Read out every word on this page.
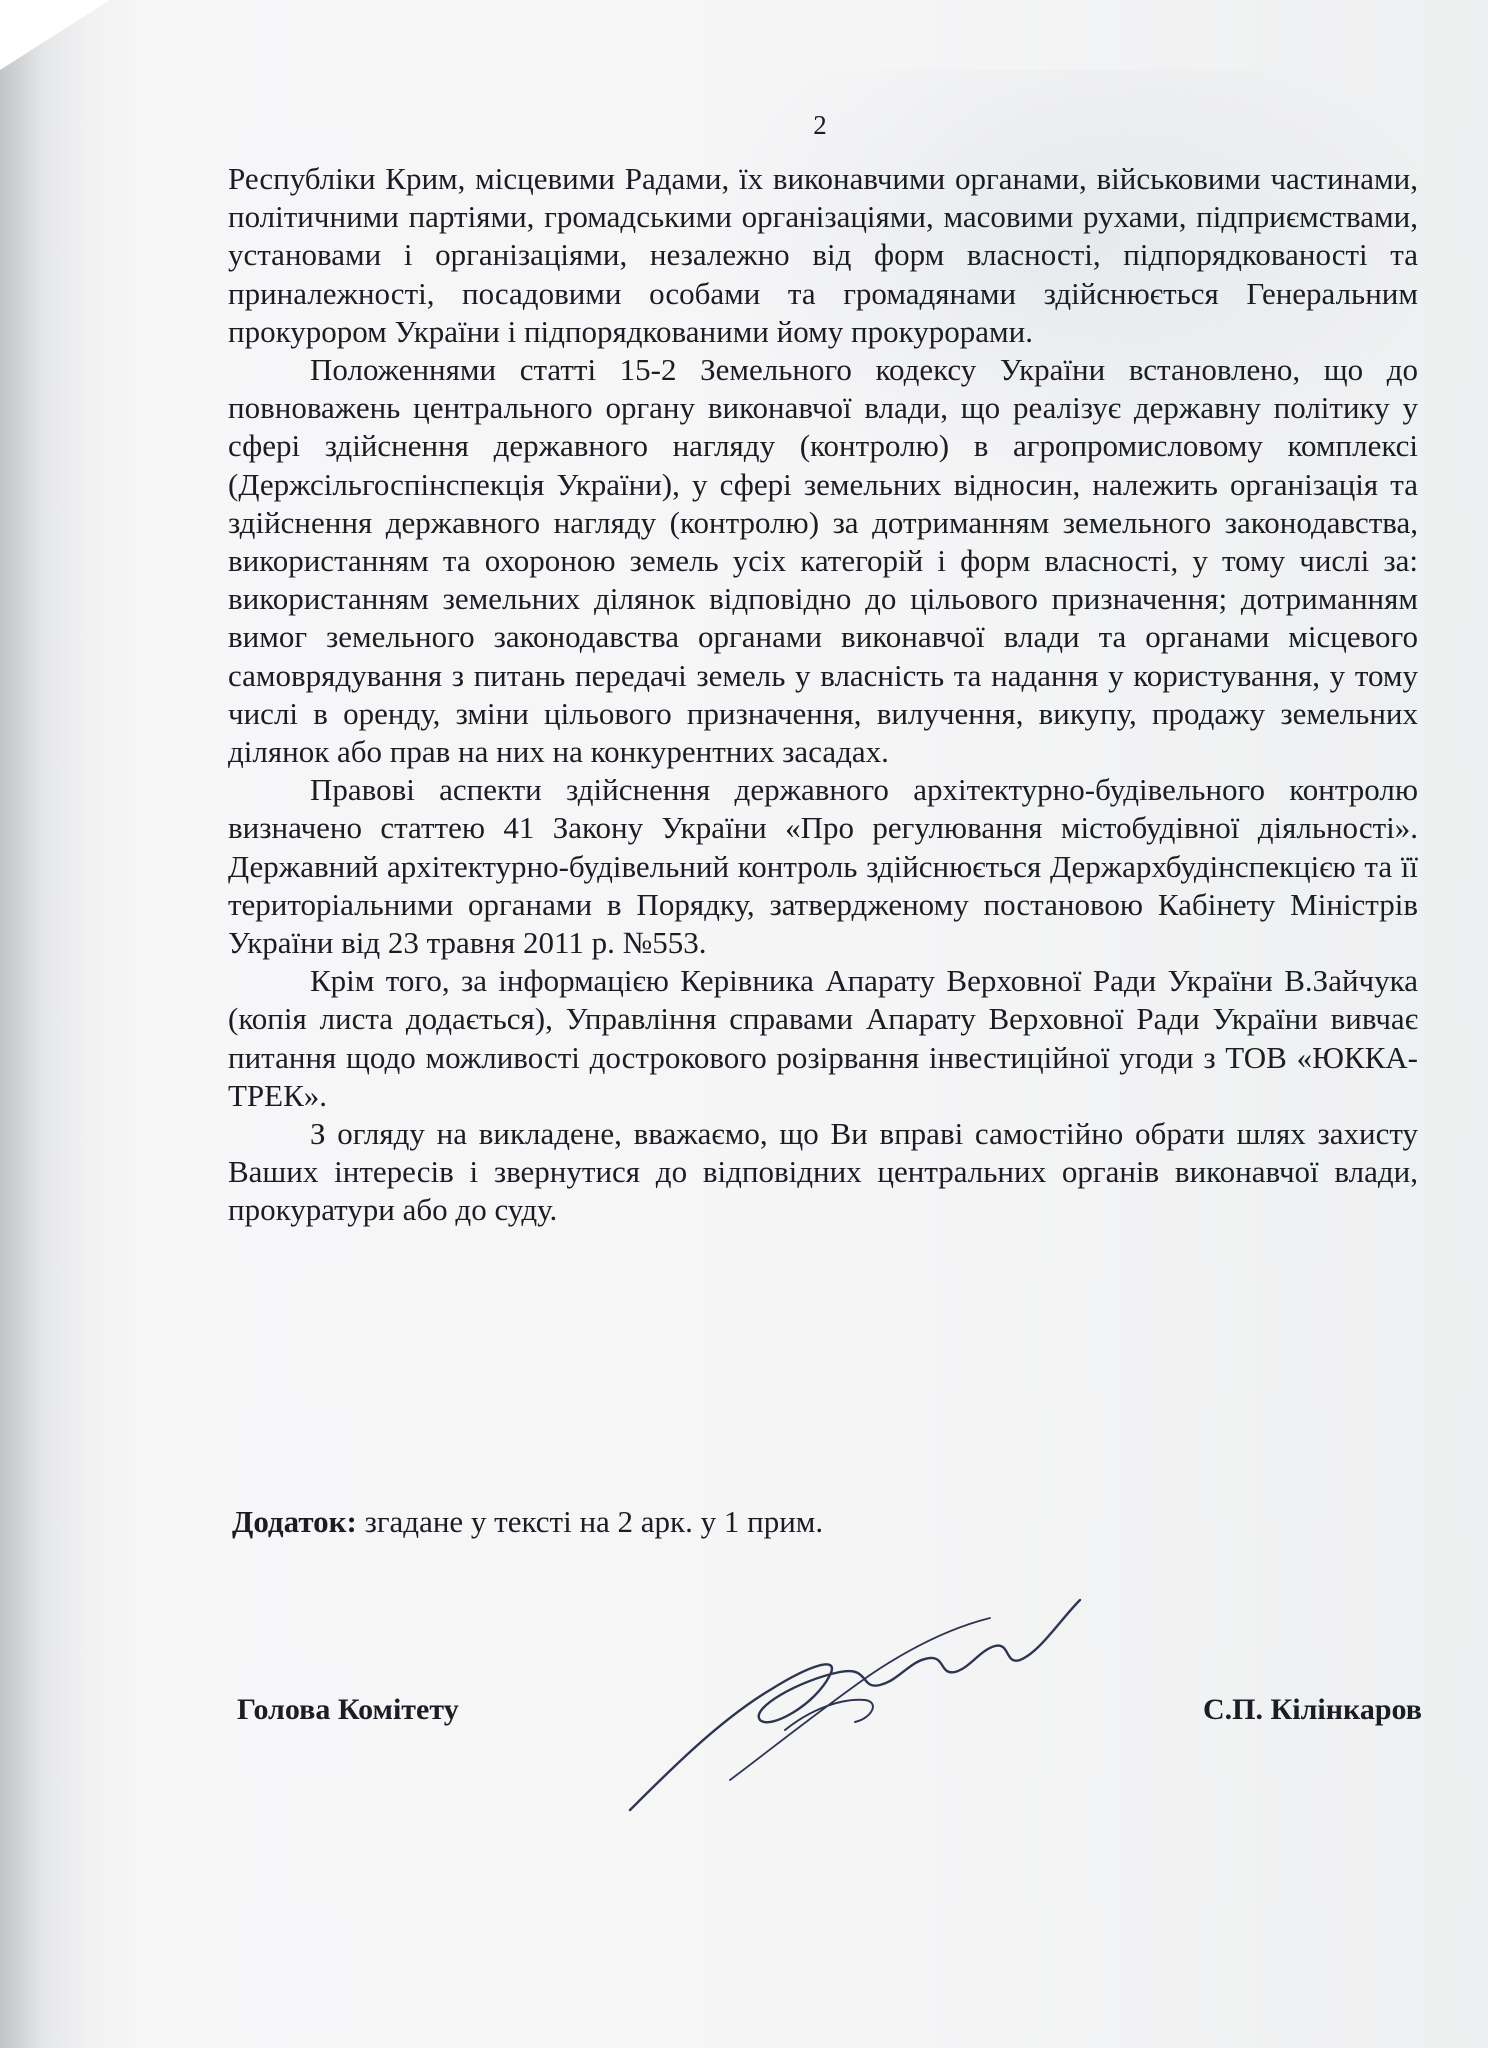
2

Республіки Крим, місцевими Радами, їх виконавчими органами, військовими частинами, політичними партіями, громадськими організаціями, масовими рухами, підприємствами, установами і організаціями, незалежно від форм власності, підпорядкованості та приналежності, посадовими особами та громадянами здійснюється Генеральним прокурором України і підпорядкованими йому прокурорами.

Положеннями статті 15-2 Земельного кодексу України встановлено, що до повноважень центрального органу виконавчої влади, що реалізує державну політику у сфері здійснення державного нагляду (контролю) в агропромисловому комплексі (Держсільгоспінспекція України), у сфері земельних відносин, належить організація та здійснення державного нагляду (контролю) за дотриманням земельного законодавства, використанням та охороною земель усіх категорій і форм власності, у тому числі за: використанням земельних ділянок відповідно до цільового призначення; дотриманням вимог земельного законодавства органами виконавчої влади та органами місцевого самоврядування з питань передачі земель у власність та надання у користування, у тому числі в оренду, зміни цільового призначення, вилучення, викупу, продажу земельних ділянок або прав на них на конкурентних засадах.

Правові аспекти здійснення державного архітектурно-будівельного контролю визначено статтею 41 Закону України «Про регулювання містобудівної діяльності». Державний архітектурно-будівельний контроль здійснюється Держархбудінспекцією та її територіальними органами в Порядку, затвердженому постановою Кабінету Міністрів України від 23 травня 2011 р. №553.

Крім того, за інформацією Керівника Апарату Верховної Ради України В.Зайчука (копія листа додається), Управління справами Апарату Верховної Ради України вивчає питання щодо можливості дострокового розірвання інвестиційної угоди з ТОВ «ЮККА-ТРЕК».

З огляду на викладене, вважаємо, що Ви вправі самостійно обрати шлях захисту Ваших інтересів і звернутися до відповідних центральних органів виконавчої влади, прокуратури або до суду.

Додаток: згадане у тексті на 2 арк. у 1 прим.
Голова Комітету	С.П. Кілінкаров
